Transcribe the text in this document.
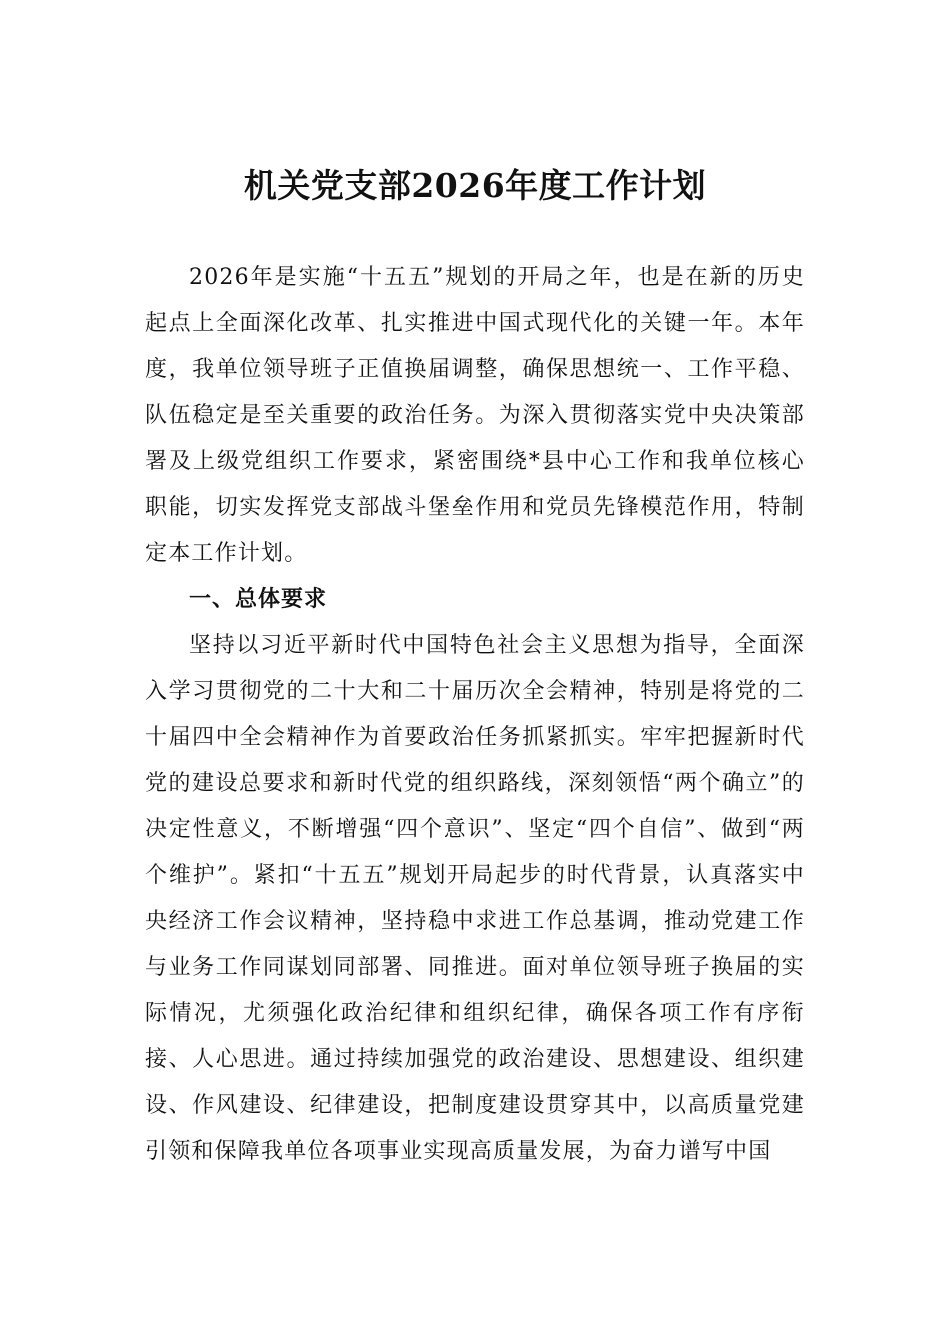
机关党支部2026年度工作计划

2026年是实施“十五五”规划的开局之年，也是在新的历史起点上全面深化改革、扎实推进中国式现代化的关键一年。本年度，我单位领导班子正值换届调整，确保思想统一、工作平稳、队伍稳定是至关重要的政治任务。为深入贯彻落实党中央决策部署及上级党组织工作要求，紧密围绕*县中心工作和我单位核心职能，切实发挥党支部战斗堡垒作用和党员先锋模范作用，特制定本工作计划。

一、总体要求

坚持以习近平新时代中国特色社会主义思想为指导，全面深入学习贯彻党的二十大和二十届历次全会精神，特别是将党的二十届四中全会精神作为首要政治任务抓紧抓实。牢牢把握新时代党的建设总要求和新时代党的组织路线，深刻领悟“两个确立”的决定性意义，不断增强“四个意识”、坚定“四个自信”、做到“两个维护”。紧扣“十五五”规划开局起步的时代背景，认真落实中央经济工作会议精神，坚持稳中求进工作总基调，推动党建工作与业务工作同谋划同部署、同推进。面对单位领导班子换届的实际情况，尤须强化政治纪律和组织纪律，确保各项工作有序衔接、人心思进。通过持续加强党的政治建设、思想建设、组织建设、作风建设、纪律建设，把制度建设贯穿其中，以高质量党建引领和保障我单位各项事业实现高质量发展，为奋力谱写中国
